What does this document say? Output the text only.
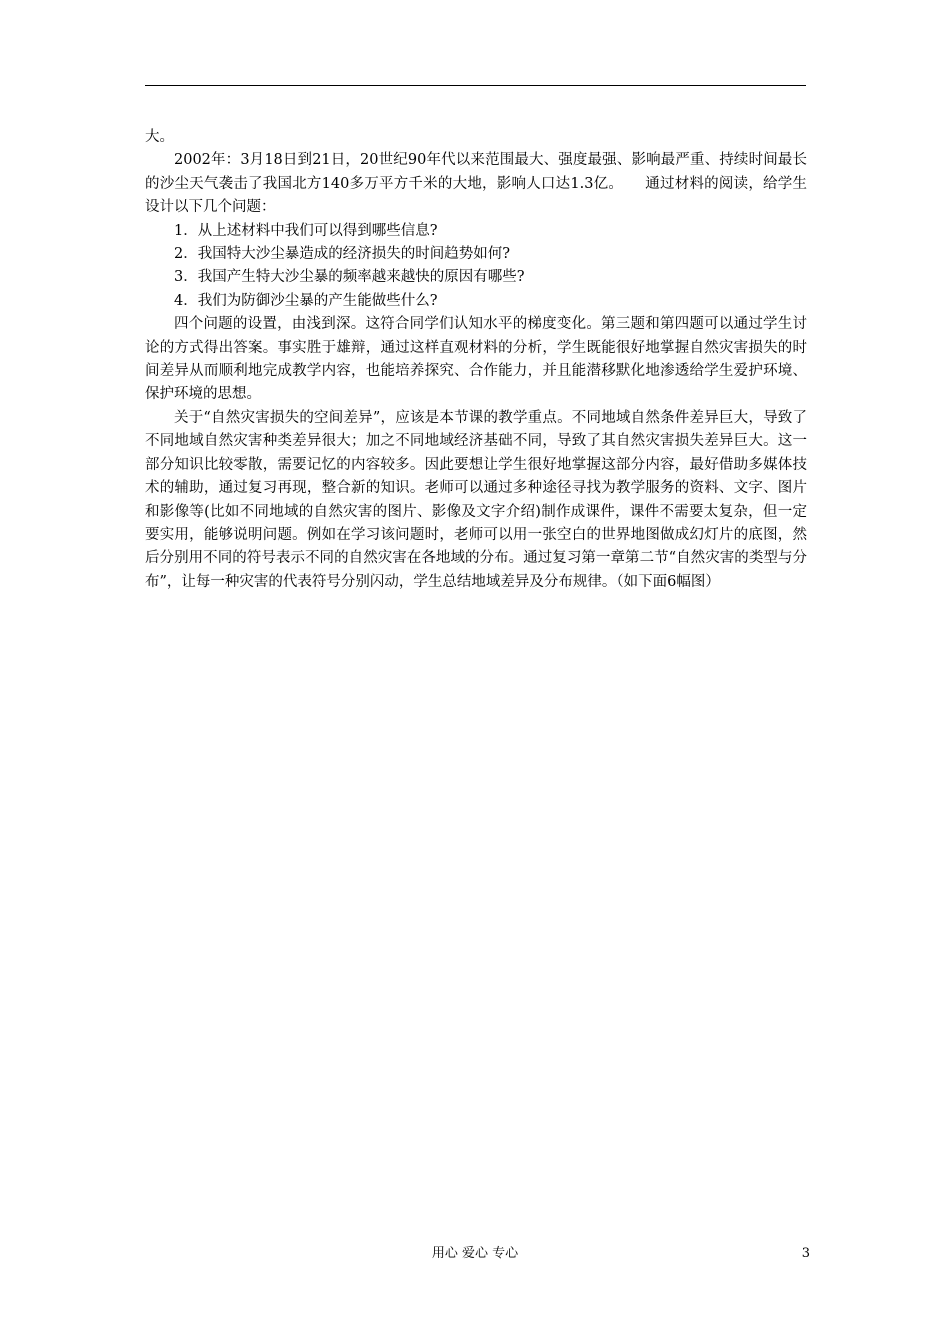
大。

2002年：3月18日到21日，20世纪90年代以来范围最大、强度最强、影响最严重、持续时间最长的沙尘天气袭击了我国北方140多万平方千米的大地，影响人口达1.3亿。　　通过材料的阅读，给学生设计以下几个问题：

1．从上述材料中我们可以得到哪些信息?

2．我国特大沙尘暴造成的经济损失的时间趋势如何?

3．我国产生特大沙尘暴的频率越来越快的原因有哪些?

4．我们为防御沙尘暴的产生能做些什么?

四个问题的设置，由浅到深。这符合同学们认知水平的梯度变化。第三题和第四题可以通过学生讨论的方式得出答案。事实胜于雄辩，通过这样直观材料的分析，学生既能很好地掌握自然灾害损失的时间差异从而顺利地完成教学内容，也能培养探究、合作能力，并且能潜移默化地渗透给学生爱护环境、保护环境的思想。

关于“自然灾害损失的空间差异”，应该是本节课的教学重点。不同地域自然条件差异巨大，导致了不同地域自然灾害种类差异很大；加之不同地域经济基础不同，导致了其自然灾害损失差异巨大。这一部分知识比较零散，需要记忆的内容较多。因此要想让学生很好地掌握这部分内容，最好借助多媒体技术的辅助，通过复习再现，整合新的知识。老师可以通过多种途径寻找为教学服务的资料、文字、图片和影像等(比如不同地域的自然灾害的图片、影像及文字介绍)制作成课件，课件不需要太复杂，但一定要实用，能够说明问题。例如在学习该问题时，老师可以用一张空白的世界地图做成幻灯片的底图，然后分别用不同的符号表示不同的自然灾害在各地域的分布。通过复习第一章第二节“自然灾害的类型与分布”，让每一种灾害的代表符号分别闪动，学生总结地域差异及分布规律。（如下面6幅图）

用心 爱心 专心	3
